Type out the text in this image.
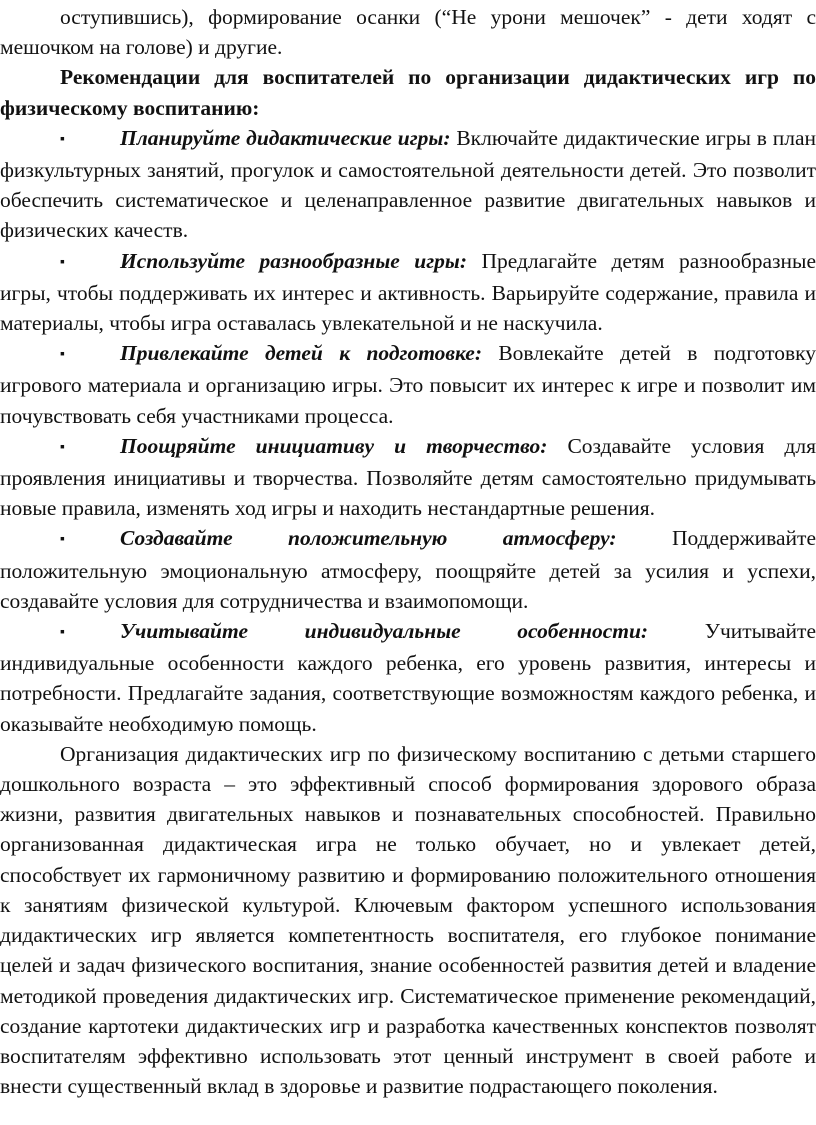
оступившись), формирование осанки (“Не урони мешочек” - дети ходят с мешочком на голове) и другие.

Рекомендации для воспитателей по организации дидактических игр по физическому воспитанию:

▪	Планируйте дидактические игры: Включайте дидактические игры в план физкультурных занятий, прогулок и самостоятельной деятельности детей. Это позволит обеспечить систематическое и целенаправленное развитие двигательных навыков и физических качеств.

▪	Используйте разнообразные игры: Предлагайте детям разнообразные игры, чтобы поддерживать их интерес и активность. Варьируйте содержание, правила и материалы, чтобы игра оставалась увлекательной и не наскучила.

▪	Привлекайте детей к подготовке: Вовлекайте детей в подготовку игрового материала и организацию игры. Это повысит их интерес к игре и позволит им почувствовать себя участниками процесса.

▪	Поощряйте инициативу и творчество: Создавайте условия для проявления инициативы и творчества. Позволяйте детям самостоятельно придумывать новые правила, изменять ход игры и находить нестандартные решения.

▪	Создавайте положительную атмосферу:	Поддерживайте положительную эмоциональную атмосферу, поощряйте детей за усилия и успехи, создавайте условия для сотрудничества и взаимопомощи.

▪	Учитывайте индивидуальные особенности:	Учитывайте индивидуальные особенности каждого ребенка, его уровень развития, интересы и потребности. Предлагайте задания, соответствующие возможностям каждого ребенка, и оказывайте необходимую помощь.

Организация дидактических игр по физическому воспитанию с детьми старшего дошкольного возраста – это эффективный способ формирования здорового образа жизни, развития двигательных навыков и познавательных способностей. Правильно организованная дидактическая игра не только обучает, но и увлекает детей, способствует их гармоничному развитию и формированию положительного отношения к занятиям физической культурой. Ключевым фактором успешного использования дидактических игр является компетентность воспитателя, его глубокое понимание целей и задач физического воспитания, знание особенностей развития детей и владение методикой проведения дидактических игр. Систематическое применение рекомендаций, создание картотеки дидактических игр и разработка качественных конспектов позволят воспитателям эффективно использовать этот ценный инструмент в своей работе и внести существенный вклад в здоровье и развитие подрастающего поколения.
